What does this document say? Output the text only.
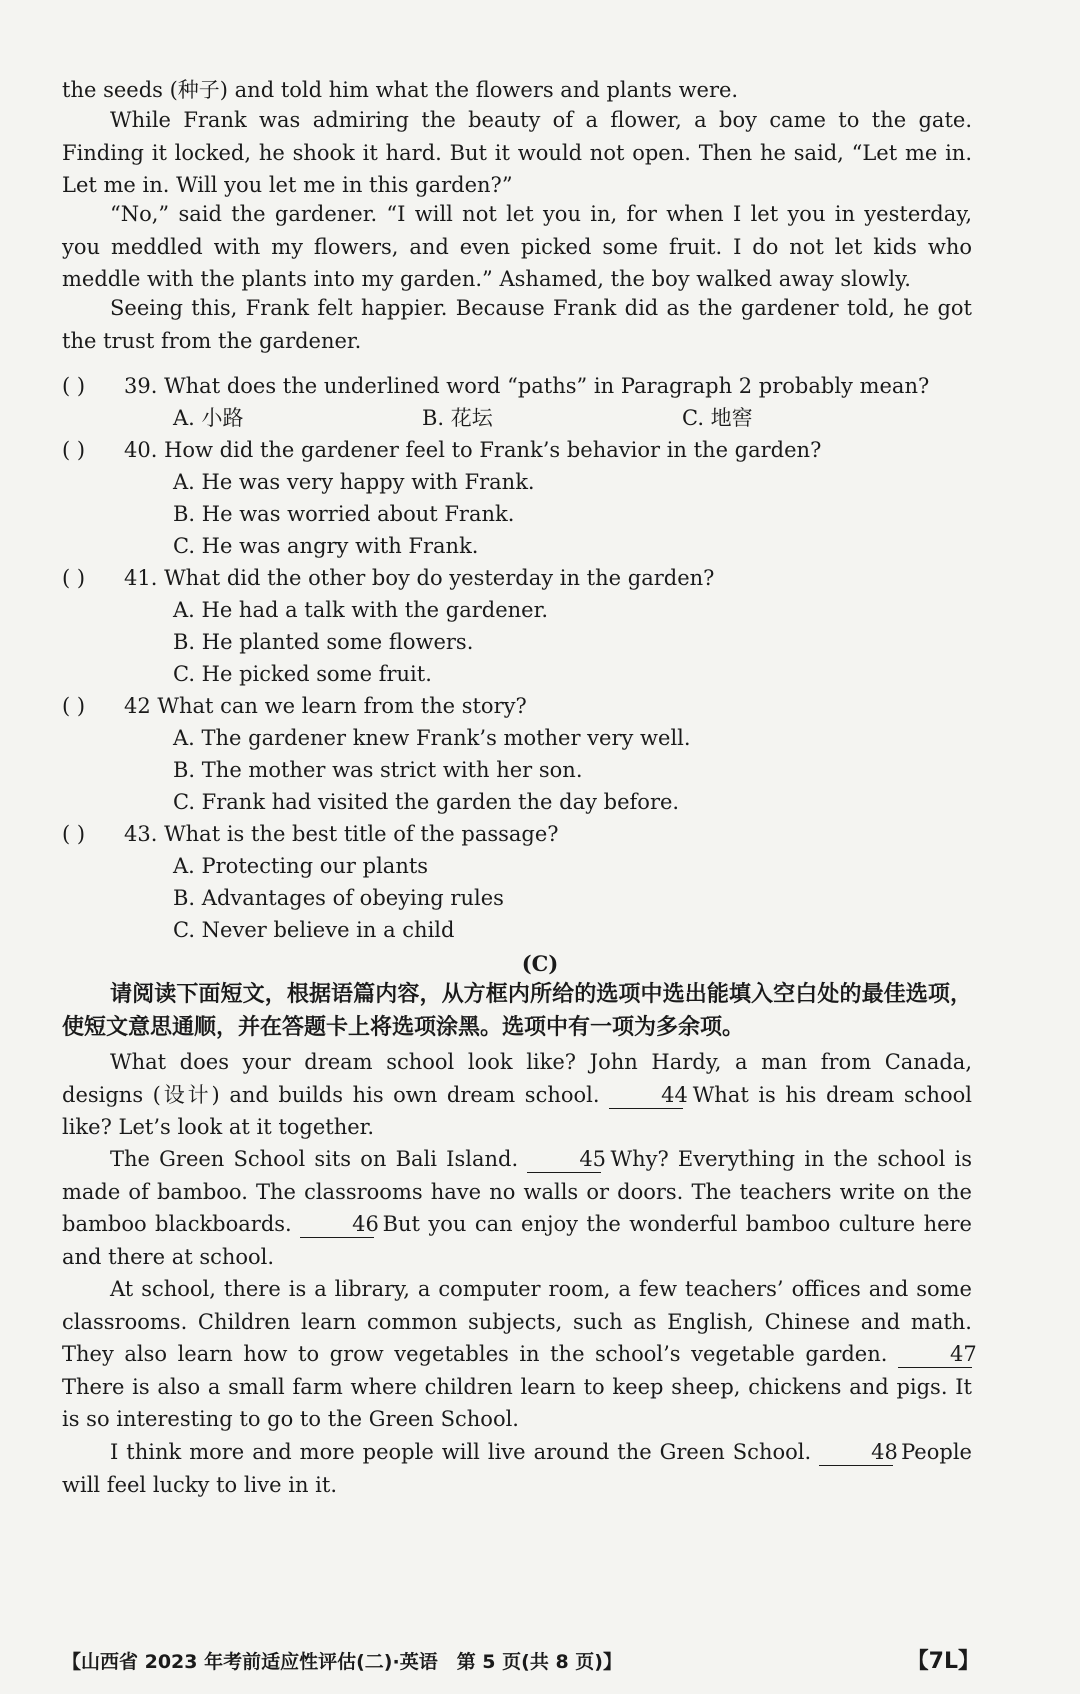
the seeds (种子) and told him what the flowers and plants were.
While Frank was admiring the beauty of a flower, a boy came to the gate. Finding it locked, he shook it hard. But it would not open. Then he said, “Let me in. Let me in. Will you let me in this garden?”
“No,” said the gardener. “I will not let you in, for when I let you in yesterday, you meddled with my flowers, and even picked some fruit. I do not let kids who meddle with the plants into my garden.” Ashamed, the boy walked away slowly.
Seeing this, Frank felt happier. Because Frank did as the gardener told, he got the trust from the gardener.
( ) 39. What does the underlined word “paths” in Paragraph 2 probably mean?
A. 小路	B. 花坛	C. 地窖
( ) 40. How did the gardener feel to Frank’s behavior in the garden?
A. He was very happy with Frank.
B. He was worried about Frank.
C. He was angry with Frank.
( ) 41. What did the other boy do yesterday in the garden?
A. He had a talk with the gardener.
B. He planted some flowers.
C. He picked some fruit.
( ) 42 What can we learn from the story?
A. The gardener knew Frank’s mother very well.
B. The mother was strict with her son.
C. Frank had visited the garden the day before.
( ) 43. What is the best title of the passage?
A. Protecting our plants
B. Advantages of obeying rules
C. Never believe in a child
(C)
请阅读下面短文，根据语篇内容，从方框内所给的选项中选出能填入空白处的最佳选项，使短文意思通顺，并在答题卡上将选项涂黑。选项中有一项为多余项。
What does your dream school look like? John Hardy, a man from Canada, designs (设计) and builds his own dream school.	44 What is his dream school like? Let’s look at it together.
The Green School sits on Bali Island.	45 Why? Everything in the school is made of bamboo. The classrooms have no walls or doors. The teachers write on the bamboo blackboards.	46 But you can enjoy the wonderful bamboo culture here and there at school.
At school, there is a library, a computer room, a few teachers’ offices and some classrooms. Children learn common subjects, such as English, Chinese and math. They also learn how to grow vegetables in the school’s vegetable garden.	47 There is also a small farm where children learn to keep sheep, chickens and pigs. It is so interesting to go to the Green School.
I think more and more people will live around the Green School.	48 People will feel lucky to live in it.
【山西省 2023 年考前适应性评估(二)·英语　第 5 页(共 8 页)】	【7L】
